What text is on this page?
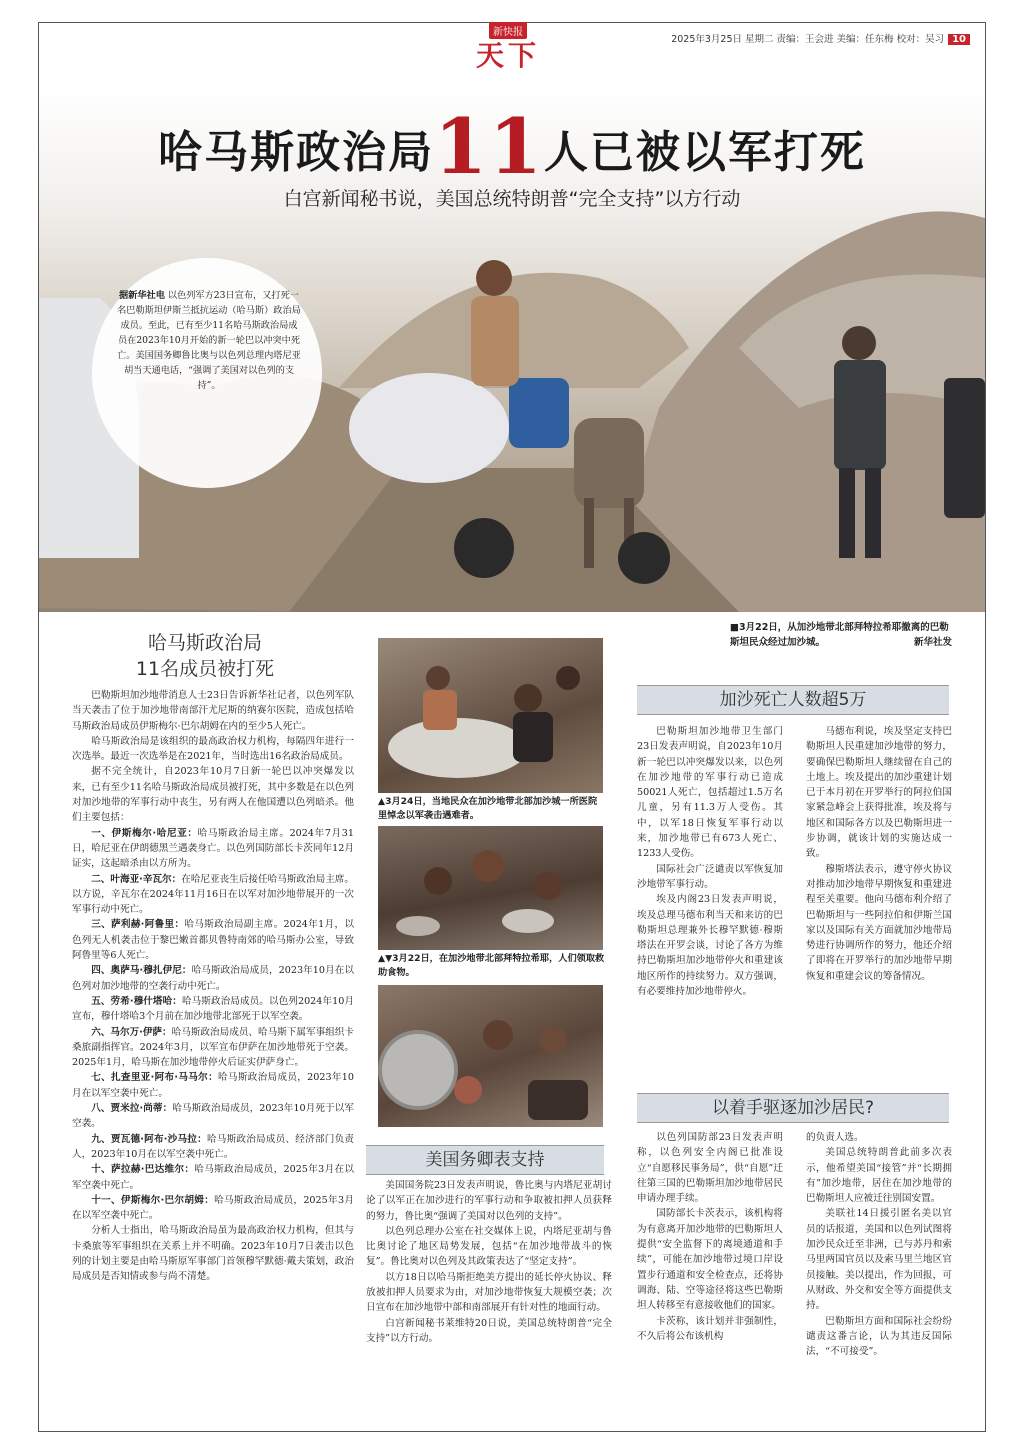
新快报
天下	2025年3月25日 星期二 责编：王会进 美编：任东梅 校对：吴习 10
哈马斯政治局11人已被以军打死
白宫新闻秘书说，美国总统特朗普“完全支持”以方行动
据新华社电 以色列军方23日宣布，又打死一名巴勒斯坦伊斯兰抵抗运动（哈马斯）政治局成员。至此，已有至少11名哈马斯政治局成员在2023年10月开始的新一轮巴以冲突中死亡。美国国务卿鲁比奥与以色列总理内塔尼亚胡当天通电话，“强调了美国对以色列的支持”。
■3月22日，从加沙地带北部拜特拉希耶撤离的巴勒斯坦民众经过加沙城。	新华社发
哈马斯政治局
11名成员被打死

巴勒斯坦加沙地带消息人士23日告诉新华社记者，以色列军队当天袭击了位于加沙地带南部汗尤尼斯的纳赛尔医院，造成包括哈马斯政治局成员伊斯梅尔·巴尔胡姆在内的至少5人死亡。

哈马斯政治局是该组织的最高政治权力机构，每隔四年进行一次选举。最近一次选举是在2021年，当时选出16名政治局成员。

据不完全统计，自2023年10月7日新一轮巴以冲突爆发以来，已有至少11名哈马斯政治局成员被打死，其中多数是在以色列对加沙地带的军事行动中丧生，另有两人在他国遭以色列暗杀。他们主要包括：

一、伊斯梅尔·哈尼亚：哈马斯政治局主席。2024年7月31日，哈尼亚在伊朗德黑兰遇袭身亡。以色列国防部长卡茨同年12月证实，这起暗杀由以方所为。

二、叶海亚·辛瓦尔：在哈尼亚丧生后接任哈马斯政治局主席。以方说，辛瓦尔在2024年11月16日在以军对加沙地带展开的一次军事行动中死亡。

三、萨利赫·阿鲁里：哈马斯政治局副主席。2024年1月，以色列无人机袭击位于黎巴嫩首都贝鲁特南郊的哈马斯办公室，导致阿鲁里等6人死亡。

四、奥萨马·穆扎伊尼：哈马斯政治局成员，2023年10月在以色列对加沙地带的空袭行动中死亡。

五、劳希·穆什塔哈：哈马斯政治局成员。以色列2024年10月宣布，穆什塔哈3个月前在加沙地带北部死于以军空袭。

六、马尔万·伊萨：哈马斯政治局成员、哈马斯下属军事组织卡桑旅副指挥官。2024年3月，以军宣布伊萨在加沙地带死于空袭。2025年1月，哈马斯在加沙地带停火后证实伊萨身亡。

七、扎查里亚·阿布·马马尔：哈马斯政治局成员，2023年10月在以军空袭中死亡。

八、贾米拉·尚蒂：哈马斯政治局成员，2023年10月死于以军空袭。

九、贾瓦德·阿布·沙马拉：哈马斯政治局成员、经济部门负责人，2023年10月在以军空袭中死亡。

十、萨拉赫·巴达维尔：哈马斯政治局成员，2025年3月在以军空袭中死亡。

十一、伊斯梅尔·巴尔胡姆：哈马斯政治局成员，2025年3月在以军空袭中死亡。

分析人士指出，哈马斯政治局虽为最高政治权力机构，但其与卡桑旅等军事组织在关系上并不明确。2023年10月7日袭击以色列的计划主要是由哈马斯原军事部门首领穆罕默德·戴夫策划，政治局成员是否知情或参与尚不清楚。

▲3月24日，当地民众在加沙地带北部加沙城一所医院里悼念以军袭击遇难者。
▲▼3月22日，在加沙地带北部拜特拉希耶，人们领取救助食物。
美国务卿表支持

美国国务院23日发表声明说，鲁比奥与内塔尼亚胡讨论了以军正在加沙进行的军事行动和争取被扣押人员获释的努力，鲁比奥“强调了美国对以色列的支持”。

以色列总理办公室在社交媒体上说，内塔尼亚胡与鲁比奥讨论了地区局势发展，包括“在加沙地带战斗的恢复”。鲁比奥对以色列及其政策表达了“坚定支持”。

以方18日以哈马斯拒绝美方提出的延长停火协议、释放被扣押人员要求为由，对加沙地带恢复大规模空袭；次日宣布在加沙地带中部和南部展开有针对性的地面行动。

白宫新闻秘书莱维特20日说，美国总统特朗普“完全支持”以方行动。

加沙死亡人数超5万

巴勒斯坦加沙地带卫生部门23日发表声明说，自2023年10月新一轮巴以冲突爆发以来，以色列在加沙地带的军事行动已造成50021人死亡，包括超过1.5万名儿童，另有11.3万人受伤。其中，以军18日恢复军事行动以来，加沙地带已有673人死亡、1233人受伤。

国际社会广泛谴责以军恢复加沙地带军事行动。

埃及内阁23日发表声明说，埃及总理马德布利当天和来访的巴勒斯坦总理兼外长穆罕默德·穆斯塔法在开罗会谈，讨论了各方为维持巴勒斯坦加沙地带停火和重建该地区所作的持续努力。双方强调，有必要维持加沙地带停火。

马德布利说，埃及坚定支持巴勒斯坦人民重建加沙地带的努力，要确保巴勒斯坦人继续留在自己的土地上。埃及提出的加沙重建计划已于本月初在开罗举行的阿拉伯国家紧急峰会上获得批准，埃及将与地区和国际各方以及巴勒斯坦进一步协调，就该计划的实施达成一致。

穆斯塔法表示，遵守停火协议对推动加沙地带早期恢复和重建进程至关重要。他向马德布利介绍了巴勒斯坦与一些阿拉伯和伊斯兰国家以及国际有关方面就加沙地带局势进行协调所作的努力，他还介绍了即将在开罗举行的加沙地带早期恢复和重建会议的筹备情况。

以着手驱逐加沙居民?

以色列国防部23日发表声明称，以色列安全内阁已批准设立“自愿移民事务局”，供“自愿”迁往第三国的巴勒斯坦加沙地带居民申请办理手续。

国防部长卡茨表示，该机构将为有意离开加沙地带的巴勒斯坦人提供“安全监督下的离境通道和手续”，可能在加沙地带过境口岸设置步行通道和安全检查点，还将协调海、陆、空等途径将这些巴勒斯坦人转移至有意接收他们的国家。

卡茨称，该计划并非强制性，不久后将公布该机构

的负责人选。

美国总统特朗普此前多次表示，他希望美国“接管”并“长期拥有”加沙地带，居住在加沙地带的巴勒斯坦人应被迁往别国安置。

美联社14日援引匿名美以官员的话报道，美国和以色列试图将加沙民众迁至非洲，已与苏丹和索马里两国官员以及索马里兰地区官员接触。美以提出，作为回报，可从财政、外交和安全等方面提供支持。

巴勒斯坦方面和国际社会纷纷谴责这番言论，认为其违反国际法，“不可接受”。
